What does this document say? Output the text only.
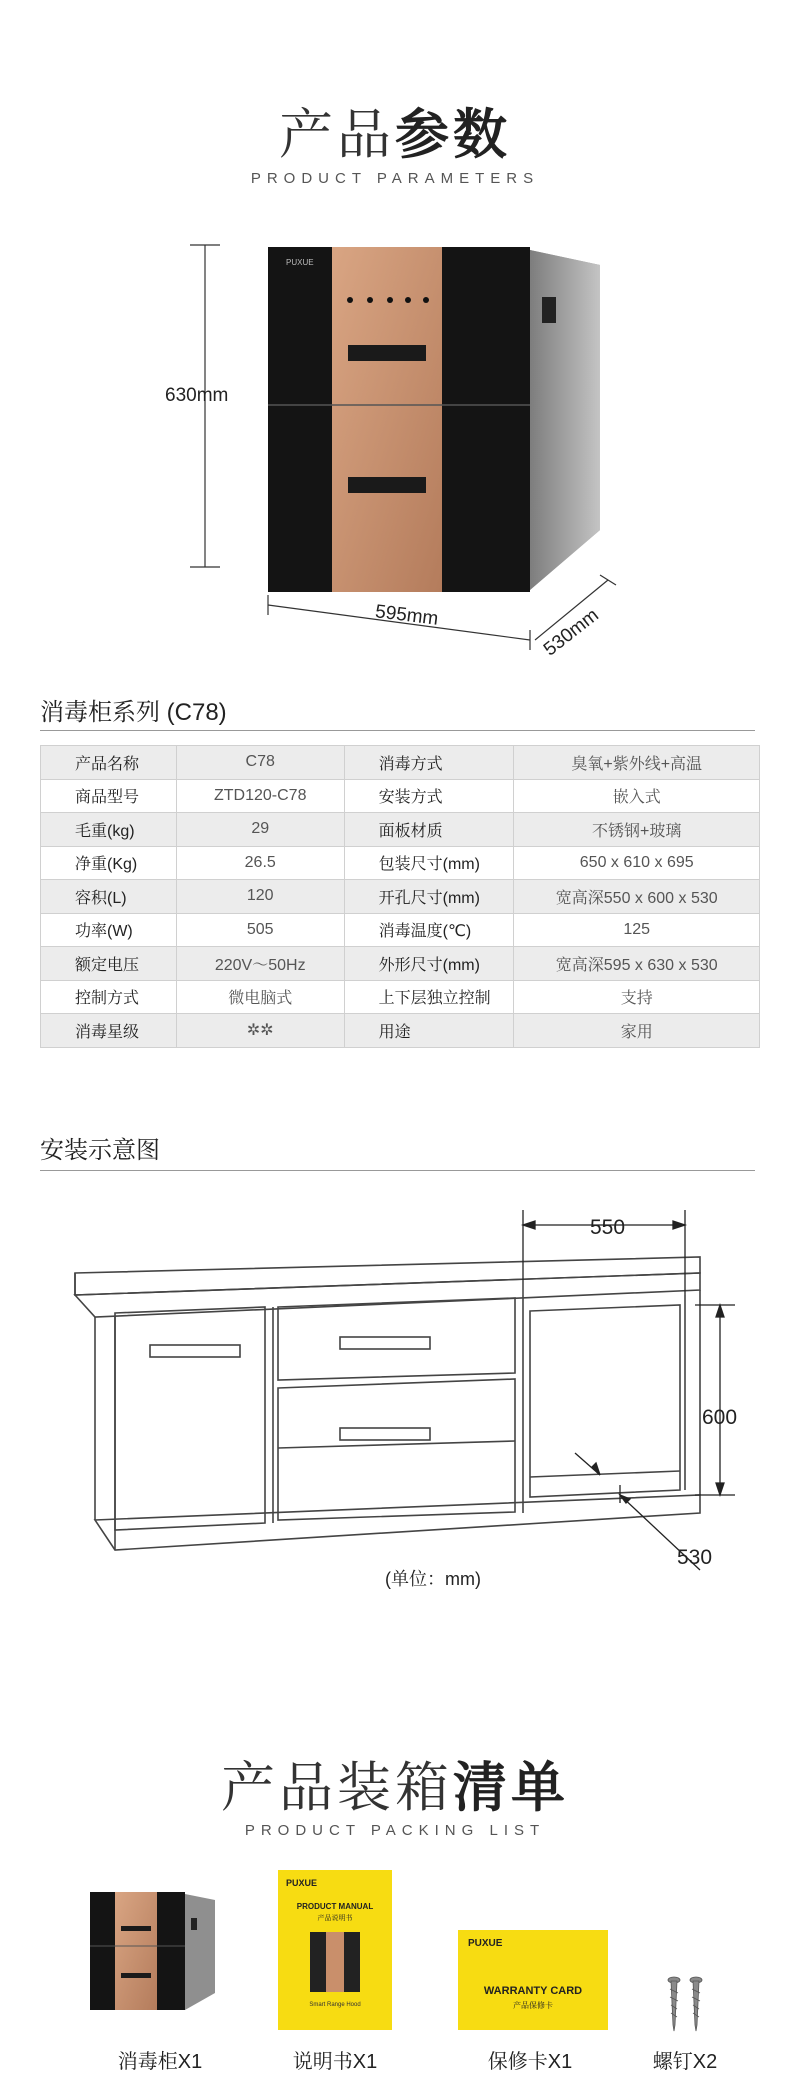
产品参数
PRODUCT PARAMETERS
PUXUE
630mm
595mm	530mm
消毒柜系列 (C78)
产品名称	C78	消毒方式	臭氧+紫外线+高温
商品型号	ZTD120-C78	安装方式	嵌入式
毛重(kg)	29	面板材质	不锈钢+玻璃
净重(Kg)	26.5	包装尺寸(mm)	650 x 610 x 695
容积(L)	120	开孔尺寸(mm)	宽高深550 x 600 x 530
功率(W)	505	消毒温度(℃)	125
额定电压	220V～50Hz	外形尺寸(mm)	宽高深595 x 630 x 530
控制方式	微电脑式	上下层独立控制	支持
消毒星级	✲✲	用途	家用
安装示意图
550
600
530
(单位：mm)
产品装箱清单
PRODUCT PACKING LIST
PUXUE
PRODUCT MANUAL
产品说明书
Smart Range Hood
PUXUE
WARRANTY CARD
产品保修卡
消毒柜X1	说明书X1	保修卡X1	螺钉X2
